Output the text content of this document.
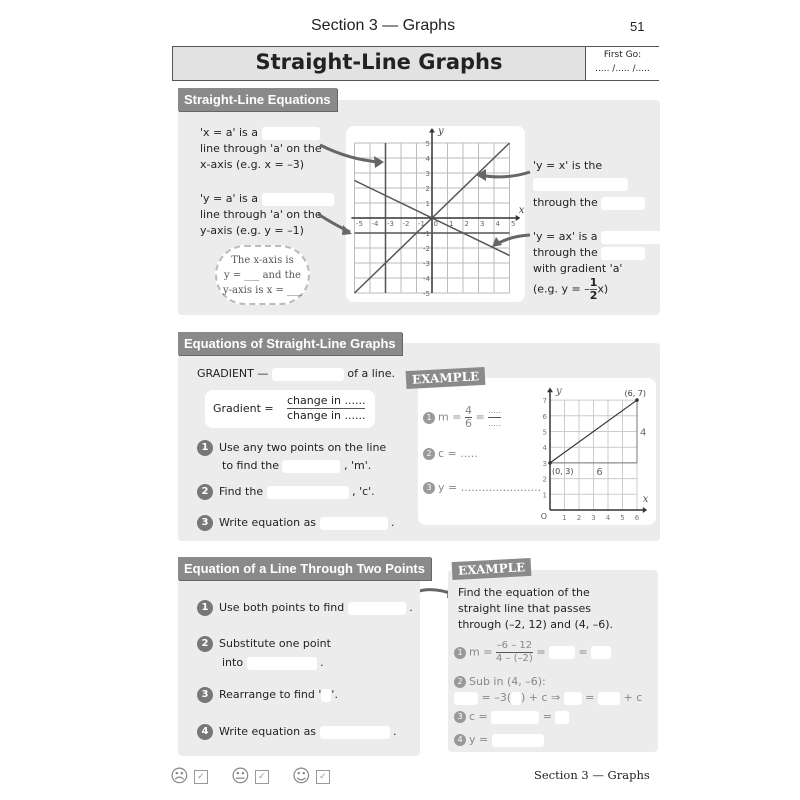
Section 3 — Graphs	51
Straight-Line Graphs	First Go:
..... /..... /.....
Straight-Line Equations
'x = a' is a
line through 'a' on the
x-axis (e.g. x = –3)
'y = a' is a
line through 'a' on the
y-axis (e.g. y = –1)
The x-axis is
y = ___ and the
y-axis is x = ___
x
y
-5 -4 -3 -2 -1 0 1 2 3 4 5
5
4
3
2
1
-1
-2
-3
-4
-5
'y = x' is the

through the
'y = ax' is a
through the
with gradient 'a'
(e.g. y = – $\frac{1}{2} x$)
Equations of Straight-Line Graphs
GRADIENT —	of a line.
Gradient =
change in ......
change in ......
1 Use any two points on the line
to find the	, 'm'.
2 Find the	, 'c'.
3 Write equation as	.
EXAMPLE
1 $m = \frac{4}{6} = \frac{.....}{.....}$
2 c = .....
3 y = .......................
x
y
O 1 2 3 4 5 6
1
2
3
4
5
6
7
(0, 3)
(6, 7)
6
4
Equation of a Line Through Two Points	EXAMPLE
1 Use both points to find	.
2 Substitute one point
into	.
3 Rearrange to find ' '.
4 Write equation as	.
Find the equation of the
straight line that passes
through (–2, 12) and (4, –6).
1 $m = \frac{-6 - 12}{4 - (-2)}$ =	=
2 Sub in (4, –6):
= –3( ) + c ⇒ =	+ c
3 c =	=
4 y =
☹ ✓ 😐 ✓ ☺ ✓	Section 3 — Graphs
